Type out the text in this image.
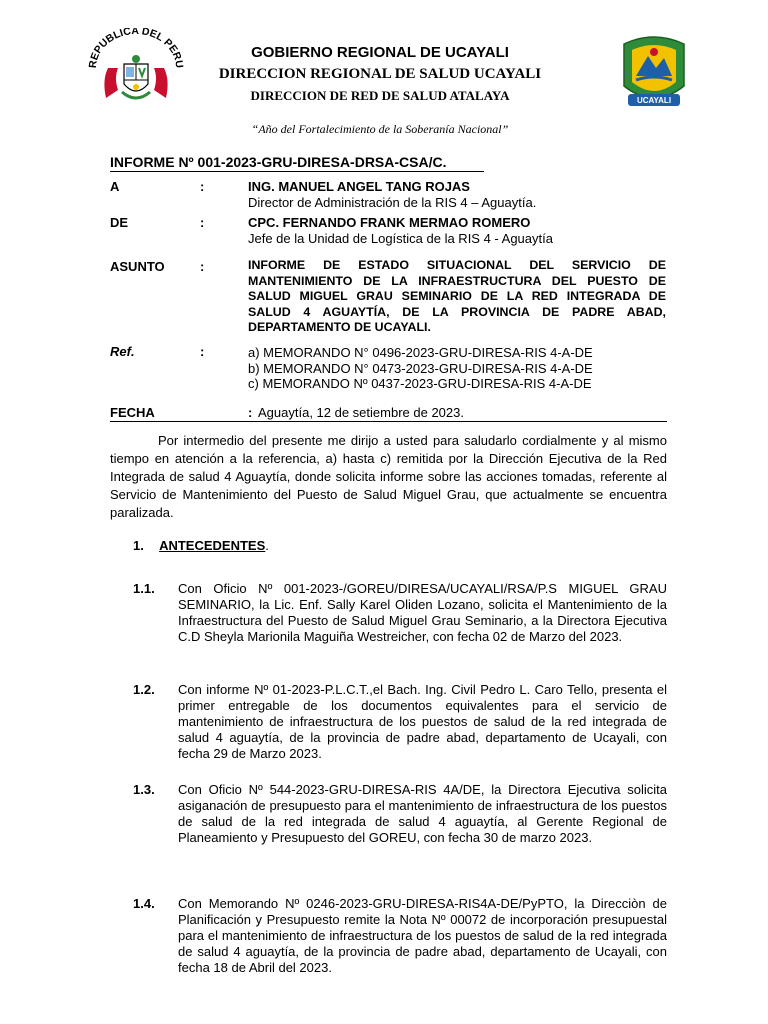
REPUBLICA DEL PERU
UCAYALI
GOBIERNO REGIONAL DE UCAYALI
DIRECCION REGIONAL DE SALUD UCAYALI
DIRECCION DE RED DE SALUD ATALAYA
“Año del Fortalecimiento de la Soberanía Nacional”
INFORME Nº 001-2023-GRU-DIRESA-DRSA-CSA/C.
A	:	ING. MANUEL ANGEL TANG ROJAS
Director de Administración de la RIS 4 – Aguaytía.
DE	:	CPC. FERNANDO FRANK MERMAO ROMERO
Jefe de la Unidad de Logística de la RIS 4 - Aguaytía
ASUNTO	:	INFORME DE ESTADO SITUACIONAL DEL SERVICIO DE MANTENIMIENTO DE LA INFRAESTRUCTURA DEL PUESTO DE SALUD MIGUEL GRAU SEMINARIO DE LA RED INTEGRADA DE SALUD 4 AGUAYTÍA, DE LA PROVINCIA DE PADRE ABAD, DEPARTAMENTO DE UCAYALI.
Ref.	:	a) MEMORANDO N° 0496-2023-GRU-DIRESA-RIS 4-A-DE
b) MEMORANDO N° 0473-2023-GRU-DIRESA-RIS 4-A-DE
c) MEMORANDO Nº 0437-2023-GRU-DIRESA-RIS 4-A-DE
FECHA	: Aguaytía, 12 de setiembre de 2023.
Por intermedio del presente me dirijo a usted para saludarlo cordialmente y al mismo tiempo en atención a la referencia, a) hasta c) remitida por la Dirección Ejecutiva de la Red Integrada de salud 4 Aguaytía, donde solicita informe sobre las acciones tomadas, referente al Servicio de Mantenimiento del Puesto de Salud Miguel Grau, que actualmente se encuentra paralizada.
1. ANTECEDENTES.
1.1. Con Oficio Nº 001-2023-/GOREU/DIRESA/UCAYALI/RSA/P.S MIGUEL GRAU SEMINARIO, la Lic. Enf. Sally Karel Oliden Lozano, solicita el Mantenimiento de la Infraestructura del Puesto de Salud Miguel Grau Seminario, a la Directora Ejecutiva C.D Sheyla Marionila Maguiña Westreicher, con fecha 02 de Marzo del 2023.
1.2. Con informe Nº 01-2023-P.L.C.T.,el Bach. Ing. Civil Pedro L. Caro Tello, presenta el primer entregable de los documentos equivalentes para el servicio de mantenimiento de infraestructura de los puestos de salud de la red integrada de salud 4 aguaytía, de la provincia de padre abad, departamento de Ucayali, con fecha 29 de Marzo 2023.
1.3. Con Oficio Nº 544-2023-GRU-DIRESA-RIS 4A/DE, la Directora Ejecutiva solicita asiganación de presupuesto para el mantenimiento de infraestructura de los puestos de salud de la red integrada de salud 4 aguaytía, al Gerente Regional de Planeamiento y Presupuesto del GOREU, con fecha 30 de marzo 2023.
1.4. Con Memorando Nº 0246-2023-GRU-DIRESA-RIS4A-DE/PyPTO, la Direcciòn de Planificación y Presupuesto remite la Nota Nº 00072 de incorporación presupuestal para el mantenimiento de infraestructura de los puestos de salud de la red integrada de salud 4 aguaytía, de la provincia de padre abad, departamento de Ucayali, con fecha 18 de Abril del 2023.
